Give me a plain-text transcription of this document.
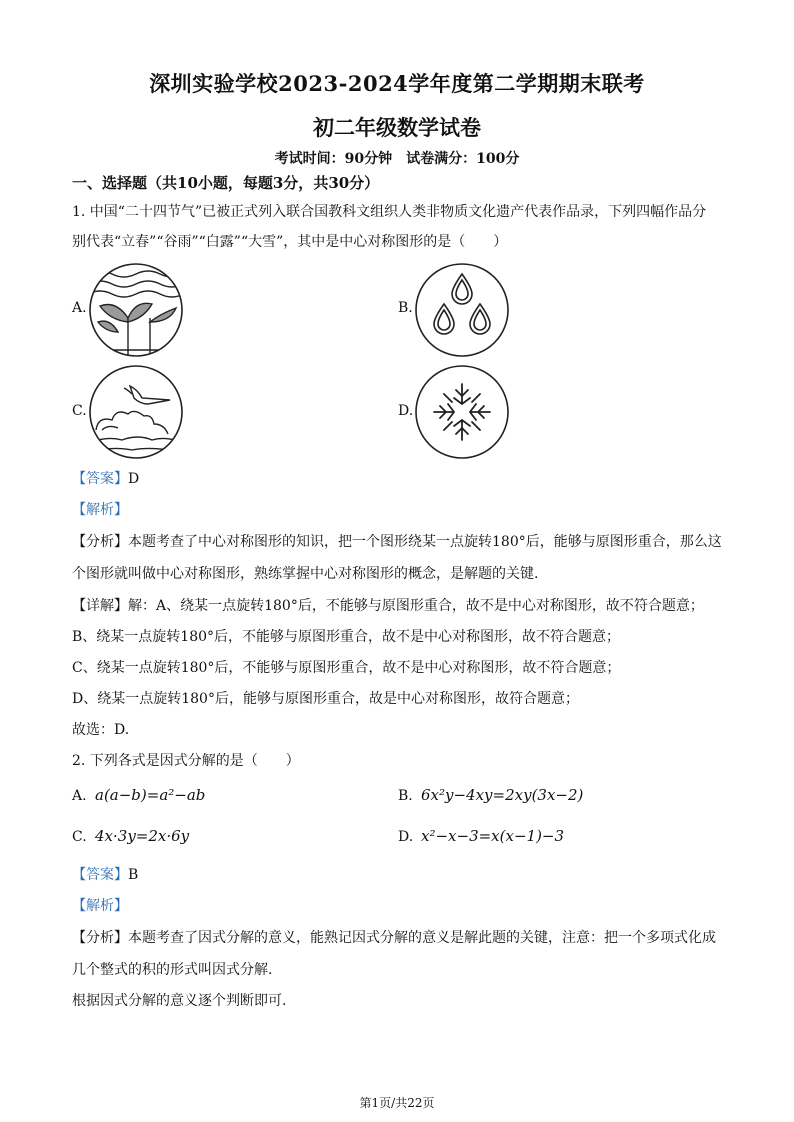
深圳实验学校2023-2024学年度第二学期期末联考
初二年级数学试卷
考试时间：90分钟 试卷满分：100分
一、选择题（共10小题，每题3分，共30分）
1. 中国“二十四节气”已被正式列入联合国教科文组织人类非物质文化遗产代表作品录，下列四幅作品分
别代表“立春”“谷雨”“白露”“大雪”，其中是中心对称图形的是（　　）
A.	B.
C.	D.
【答案】D
【解析】
【分析】本题考查了中心对称图形的知识，把一个图形绕某一点旋转180°后，能够与原图形重合，那么这
个图形就叫做中心对称图形，熟练掌握中心对称图形的概念，是解题的关键.
【详解】解：A、绕某一点旋转180°后，不能够与原图形重合，故不是中心对称图形，故不符合题意；
B、绕某一点旋转180°后，不能够与原图形重合，故不是中心对称图形，故不符合题意；
C、绕某一点旋转180°后，不能够与原图形重合，故不是中心对称图形，故不符合题意；
D、绕某一点旋转180°后，能够与原图形重合，故是中心对称图形，故符合题意；
故选：D.
2. 下列各式是因式分解的是（　　）
A. a(a−b)=a²−ab	B. 6x²y−4xy=2xy(3x−2)
C. 4x·3y=2x·6y	D. x²−x−3=x(x−1)−3
【答案】B
【解析】
【分析】本题考查了因式分解的意义，能熟记因式分解的意义是解此题的关键，注意：把一个多项式化成
几个整式的积的形式叫因式分解.
根据因式分解的意义逐个判断即可.
第1页/共22页
